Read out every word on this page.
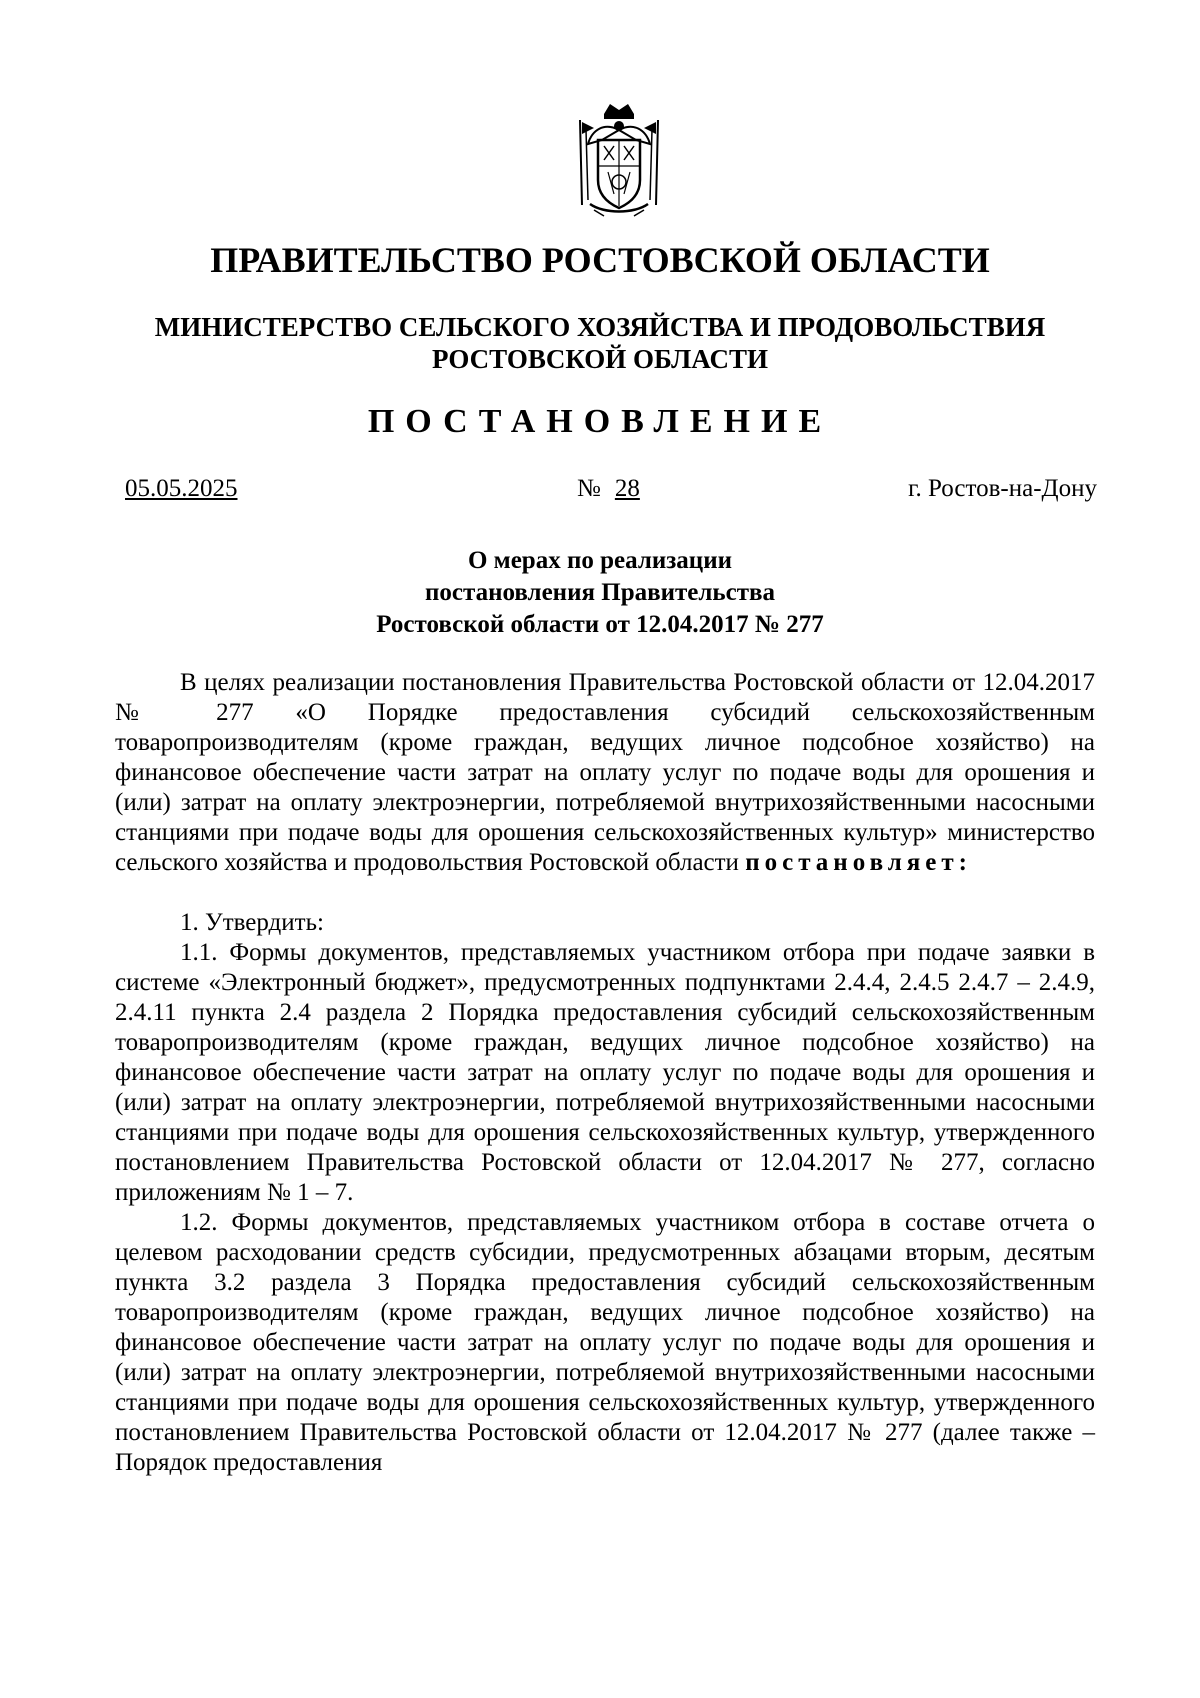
ПРАВИТЕЛЬСТВО РОСТОВСКОЙ ОБЛАСТИ
МИНИСТЕРСТВО СЕЛЬСКОГО ХОЗЯЙСТВА И ПРОДОВОЛЬСТВИЯ
РОСТОВСКОЙ ОБЛАСТИ
ПОСТАНОВЛЕНИЕ
05.05.2025	№ 28	г. Ростов-на-Дону
О мерах по реализации
постановления Правительства
Ростовской области от 12.04.2017 № 277

В целях реализации постановления Правительства Ростовской области от 12.04.2017 № 277 «О Порядке предоставления субсидий сельскохозяйственным товаропроизводителям (кроме граждан, ведущих личное подсобное хозяйство) на финансовое обеспечение части затрат на оплату услуг по подаче воды для орошения и (или) затрат на оплату электроэнергии, потребляемой внутрихозяйственными насосными станциями при подаче воды для орошения сельскохозяйственных культур» министерство сельского хозяйства и продовольствия Ростовской области постановляет:

1. Утвердить:

1.1. Формы документов, представляемых участником отбора при подаче заявки в системе «Электронный бюджет», предусмотренных подпунктами 2.4.4, 2.4.5 2.4.7 – 2.4.9, 2.4.11 пункта 2.4 раздела 2 Порядка предоставления субсидий сельскохозяйственным товаропроизводителям (кроме граждан, ведущих личное подсобное хозяйство) на финансовое обеспечение части затрат на оплату услуг по подаче воды для орошения и (или) затрат на оплату электроэнергии, потребляемой внутрихозяйственными насосными станциями при подаче воды для орошения сельскохозяйственных культур, утвержденного постановлением Правительства Ростовской области от 12.04.2017 № 277, согласно приложениям № 1 – 7.

1.2. Формы документов, представляемых участником отбора в составе отчета о целевом расходовании средств субсидии, предусмотренных абзацами вторым, десятым пункта 3.2 раздела 3 Порядка предоставления субсидий сельскохозяйственным товаропроизводителям (кроме граждан, ведущих личное подсобное хозяйство) на финансовое обеспечение части затрат на оплату услуг по подаче воды для орошения и (или) затрат на оплату электроэнергии, потребляемой внутрихозяйственными насосными станциями при подаче воды для орошения сельскохозяйственных культур, утвержденного постановлением Правительства Ростовской области от 12.04.2017 № 277 (далее также – Порядок предоставления
